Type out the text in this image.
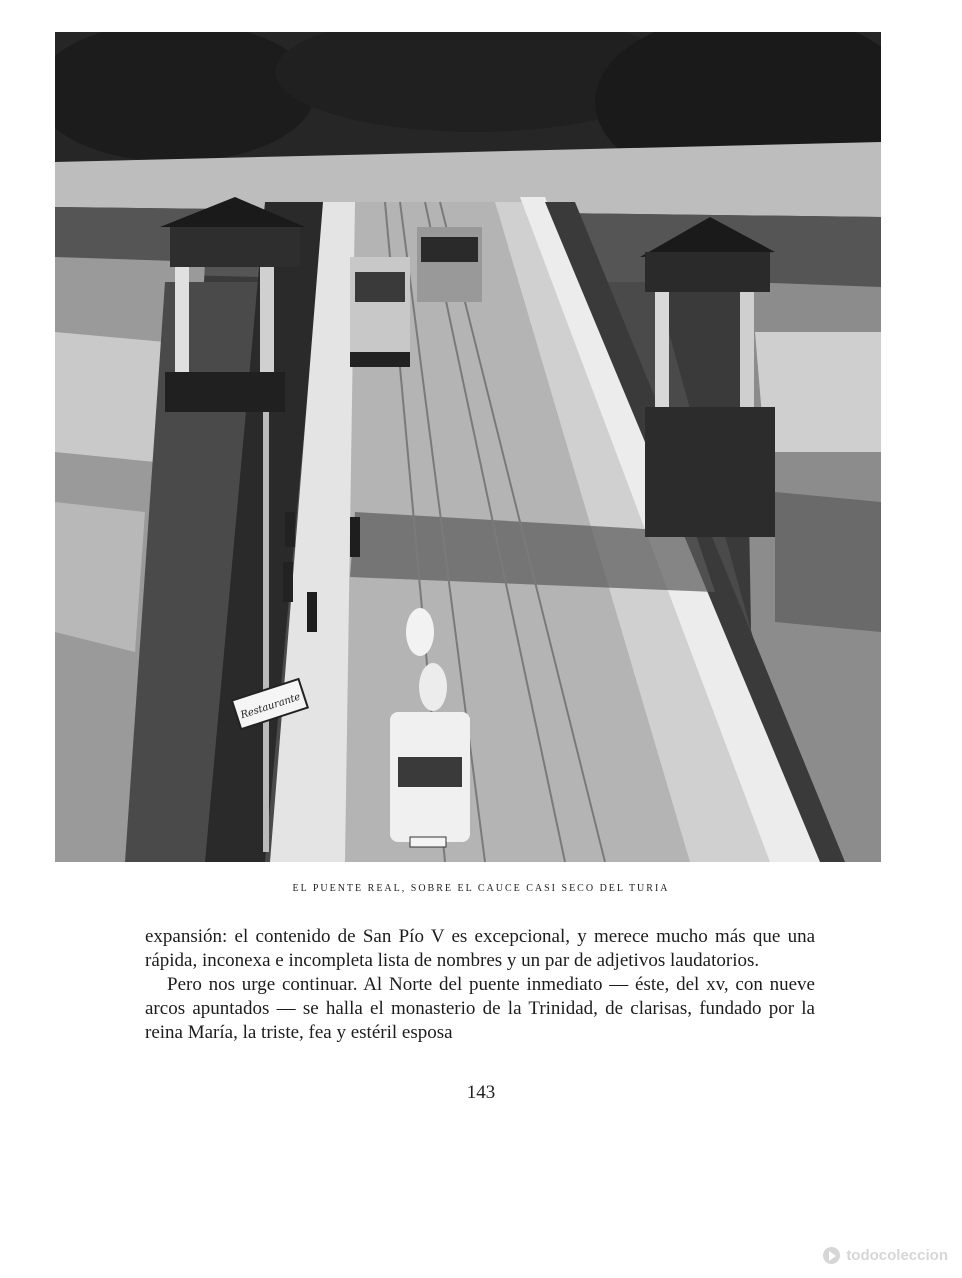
Restaurante
EL PUENTE REAL, SOBRE EL CAUCE CASI SECO DEL TURIA

expansión: el contenido de San Pío V es excepcional, y merece mucho más que una rápida, inconexa e incompleta lista de nombres y un par de adjetivos laudatorios.

Pero nos urge continuar. Al Norte del puente inmediato — éste, del xv, con nueve arcos apuntados — se halla el monasterio de la Trinidad, de clarisas, fundado por la reina María, la triste, fea y estéril esposa

143
todocoleccion
